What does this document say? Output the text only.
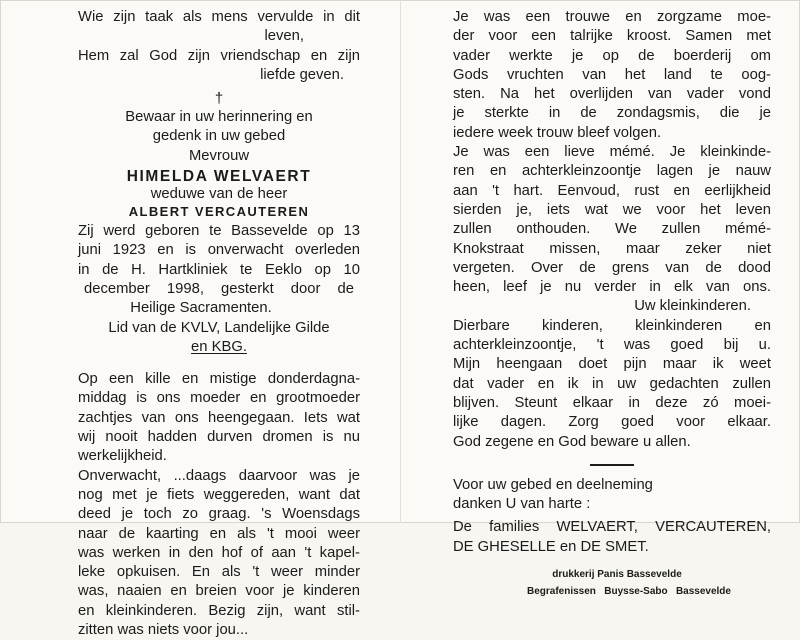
Wie zijn taak als mens vervulde in dit
leven,
Hem zal God zijn vriendschap en zijn
liefde geven.
†
Bewaar in uw herinnering en
gedenk in uw gebed
Mevrouw
HIMELDA WELVAERT
weduwe van de heer
ALBERT VERCAUTEREN
Zij werd geboren te Bassevelde op 13
juni 1923 en is onverwacht overleden
in de H. Hartkliniek te Eeklo op 10
december 1998, gesterkt door de
Heilige Sacramenten.
Lid van de KVLV, Landelijke Gilde
en KBG.
Op een kille en mistige donderdagna-
middag is ons moeder en grootmoeder
zachtjes van ons heengegaan. Iets wat
wij nooit hadden durven dromen is nu
werkelijkheid.
Onverwacht, ...daags daarvoor was je
nog met je fiets weggereden, want dat
deed je toch zo graag. 's Woensdags
naar de kaarting en als 't mooi weer
was werken in den hof of aan 't kapel-
leke opkuisen. En als 't weer minder
was, naaien en breien voor je kinderen
en kleinkinderen. Bezig zijn, want stil-
zitten was niets voor jou...
Je was een trouwe en zorgzame moe-
der voor een talrijke kroost. Samen met
vader werkte je op de boerderij om
Gods vruchten van het land te oog-
sten. Na het overlijden van vader vond
je sterkte in de zondagsmis, die je
iedere week trouw bleef volgen.
Je was een lieve mémé. Je kleinkinde-
ren en achterkleinzoontje lagen je nauw
aan 't hart. Eenvoud, rust en eerlijkheid
sierden je, iets wat we voor het leven
zullen onthouden. We zullen mémé-
Knokstraat missen, maar zeker niet
vergeten. Over de grens van de dood
heen, leef je nu verder in elk van ons.
Uw kleinkinderen.
Dierbare kinderen, kleinkinderen en
achterkleinzoontje, 't was goed bij u.
Mijn heengaan doet pijn maar ik weet
dat vader en ik in uw gedachten zullen
blijven. Steunt elkaar in deze zó moei-
lijke dagen. Zorg goed voor elkaar.
God zegene en God beware u allen.
Voor uw gebed en deelneming
danken U van harte :
De families WELVAERT, VERCAUTEREN,
DE GHESELLE en DE SMET.
drukkerij Panis Bassevelde
Begrafenissen   Buysse-Sabo   Bassevelde
